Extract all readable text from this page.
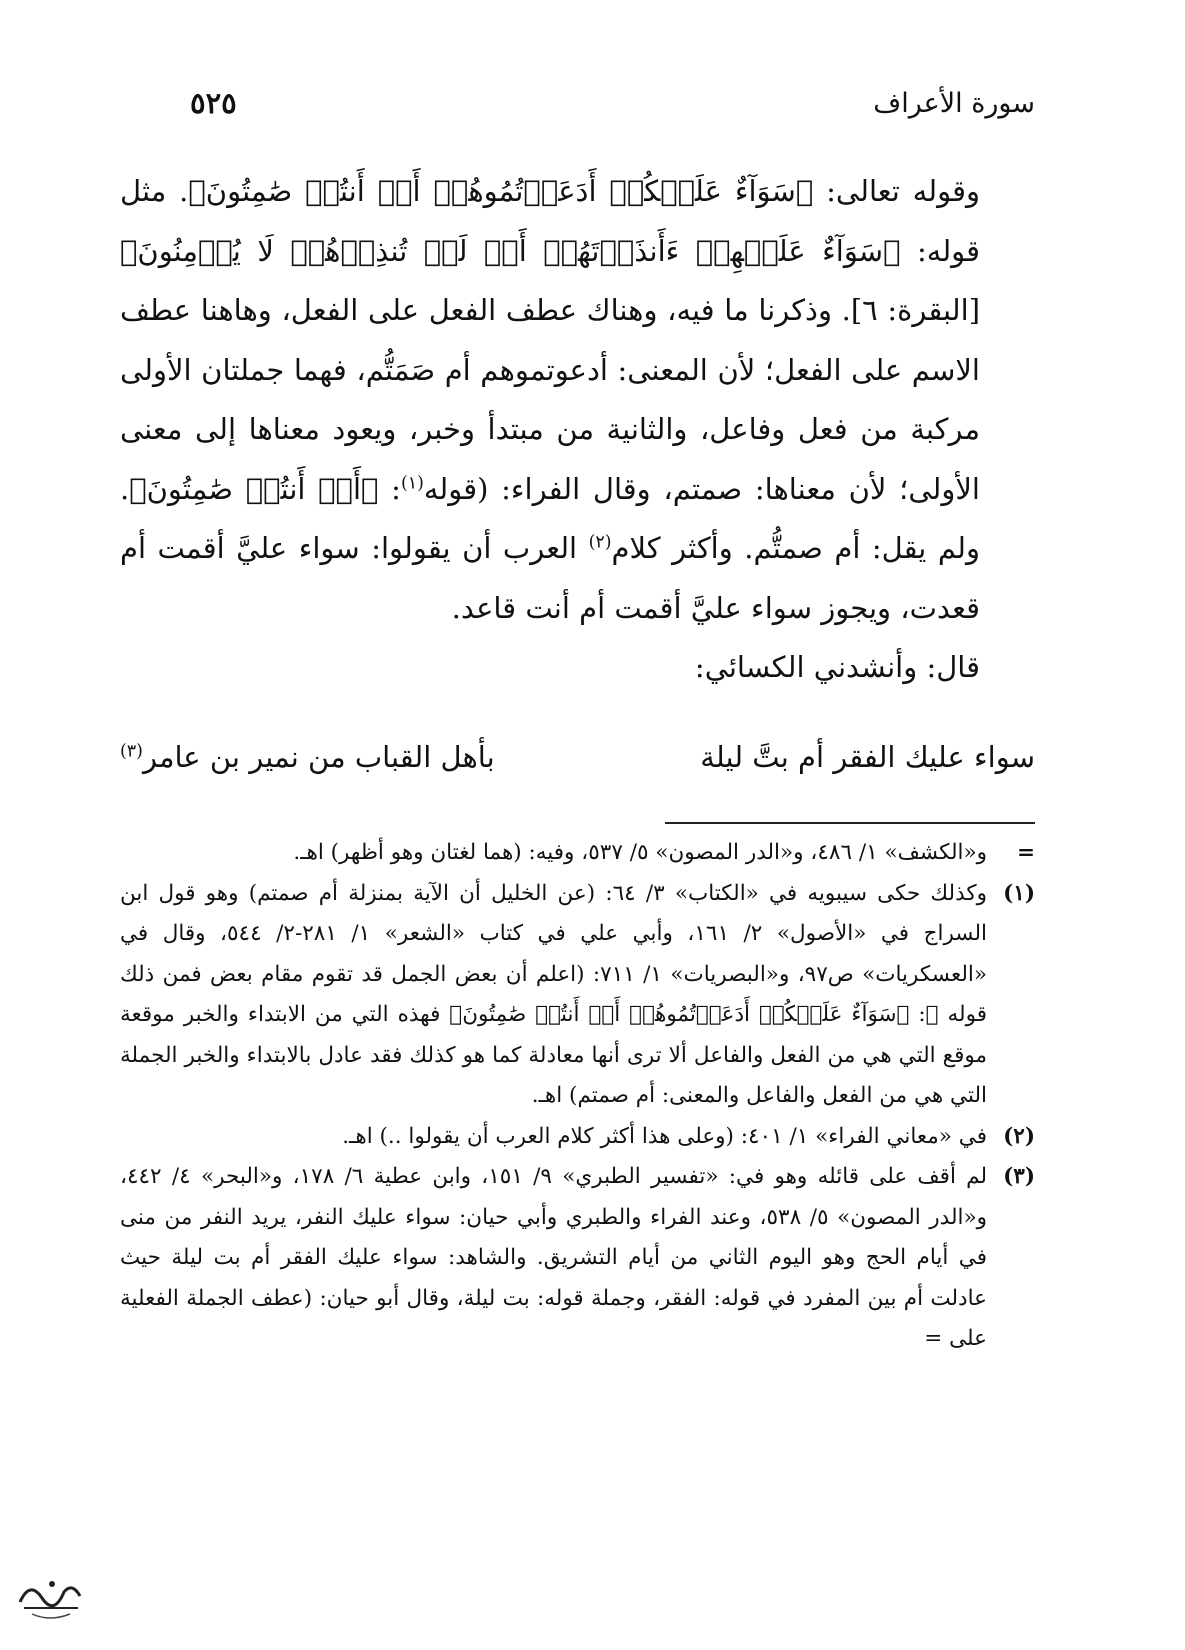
سورة الأعراف
٥٢٥

وقوله تعالى: ﴿سَوَآءٌ عَلَيۡكُمۡ أَدَعَوۡتُمُوهُمۡ أَمۡ أَنتُمۡ صَٰمِتُونَ﴾. مثل قوله: ﴿سَوَآءٌ عَلَيۡهِمۡ ءَأَنذَرۡتَهُمۡ أَمۡ لَمۡ تُنذِرۡهُمۡ لَا يُؤۡمِنُونَ﴾ [البقرة: ٦]. وذكرنا ما فيه، وهناك عطف الفعل على الفعل، وهاهنا عطف الاسم على الفعل؛ لأن المعنى: أدعوتموهم أم صَمَتُّم، فهما جملتان الأولى مركبة من فعل وفاعل، والثانية من مبتدأ وخبر، ويعود معناها إلى معنى الأولى؛ لأن معناها: صمتم، وقال الفراء: (قوله$^{(١)}$: ﴿أَمۡ أَنتُمۡ صَٰمِتُونَ﴾. ولم يقل: أم صمتُّم. وأكثر كلام$^{(٢)}$ العرب أن يقولوا: سواء عليَّ أقمت أم قعدت، ويجوز سواء عليَّ أقمت أم أنت قاعد.

قال: وأنشدني الكسائي:

سواء عليك الفقر أم بتَّ ليلة
بأهل القباب من نمير بن عامر$^{(٣)}$
=
و«الكشف» ١/ ٤٨٦، و«الدر المصون» ٥/ ٥٣٧، وفيه: (هما لغتان وهو أظهر) اهـ.
(١)
وكذلك حكى سيبويه في «الكتاب» ٣/ ٦٤: (عن الخليل أن الآية بمنزلة أم صمتم) وهو قول ابن السراج في «الأصول» ٢/ ١٦١، وأبي علي في كتاب «الشعر» ١/ ٢٨١-٢/ ٥٤٤، وقال في «العسكريات» ص٩٧، و«البصريات» ١/ ٧١١: (اعلم أن بعض الجمل قد تقوم مقام بعض فمن ذلك قوله ﷻ: ﴿سَوَآءٌ عَلَيۡكُمۡ أَدَعَوۡتُمُوهُمۡ أَمۡ أَنتُمۡ صَٰمِتُونَ﴾ فهذه التي من الابتداء والخبر موقعة موقع التي هي من الفعل والفاعل ألا ترى أنها معادلة كما هو كذلك فقد عادل بالابتداء والخبر الجملة التي هي من الفعل والفاعل والمعنى: أم صمتم) اهـ.
(٢)
في «معاني الفراء» ١/ ٤٠١: (وعلى هذا أكثر كلام العرب أن يقولوا ..) اهـ.
(٣)
لم أقف على قائله وهو في: «تفسير الطبري» ٩/ ١٥١، وابن عطية ٦/ ١٧٨، و«البحر» ٤/ ٤٤٢، و«الدر المصون» ٥/ ٥٣٨، وعند الفراء والطبري وأبي حيان: سواء عليك النفر، يريد النفر من منى في أيام الحج وهو اليوم الثاني من أيام التشريق. والشاهد: سواء عليك الفقر أم بت ليلة حيث عادلت أم بين المفرد في قوله: الفقر، وجملة قوله: بت ليلة، وقال أبو حيان: (عطف الجملة الفعلية على =
